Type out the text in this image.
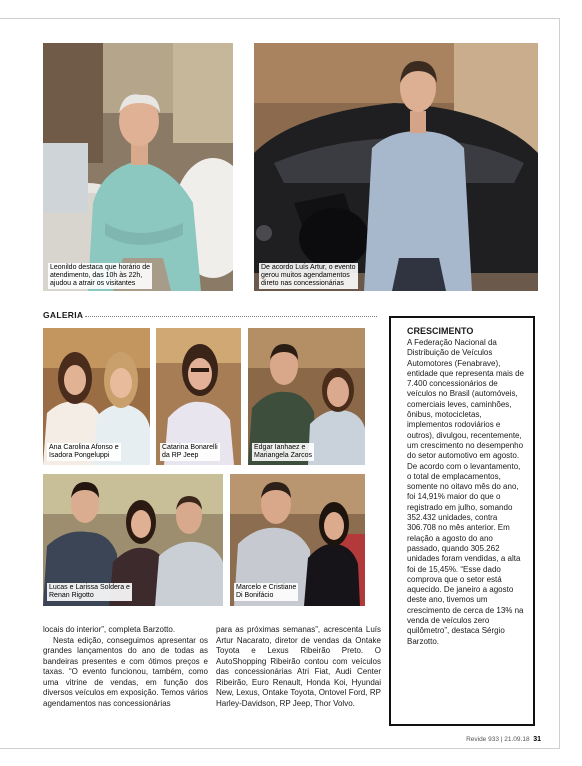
Leonildo destaca que horário de
atendimento, das 10h às 22h,
ajudou a atrair os visitantes
De acordo Luís Artur, o evento
gerou muitos agendamentos
direto nas concessionárias
GALERIA
Ana Carolina Afonso e
Isadora Pongeluppi
Catarina Bonarelli
da RP Jeep
Edgar Ianhaez e
Mariangela Zarcos
Lucas e Larissa Soldera e
Renan Rigotto
Marcelo e Cristiane
Di Bonifácio
CRESCIMENTO

A Federação Nacional da Distribuição de Veículos Automotores (Fenabrave), entidade que representa mais de 7.400 concessionários de veículos no Brasil (automóveis, comerciais leves, caminhões, ônibus, motocicletas, implementos rodoviários e outros), divulgou, recentemente, um crescimento no desempenho do setor automotivo em agosto. De acordo com o levantamento, o total de emplacamentos, somente no oitavo mês do ano, foi 14,91% maior do que o registrado em julho, somando 352.432 unidades, contra 306.708 no mês anterior. Em relação a agosto do ano passado, quando 305.262 unidades foram vendidas, a alta foi de 15,45%. “Esse dado comprova que o setor está aquecido. De janeiro a agosto deste ano, tivemos um crescimento de cerca de 13% na venda de veículos zero quilômetro”, destaca Sérgio Barzotto.

locais do interior”, completa Barzotto.

Nesta edição, conseguimos apresentar os grandes lançamentos do ano de todas as bandeiras presentes e com ótimos preços e taxas. “O evento funcionou, também, como uma vitrine de vendas, em função dos diversos veículos em exposição. Temos vários agendamentos nas concessionárias

para as próximas semanas”, acrescenta Luís Artur Nacarato, diretor de vendas da Ontake Toyota e Lexus Ribeirão Preto. O AutoShopping Ribeirão contou com veículos das concessionárias Atri Fiat, Audi Center Ribeirão, Euro Renault, Honda Koi, Hyundai New, Lexus, Ontake Toyota, Ontovel Ford, RP Harley-Davidson, RP Jeep, Thor Volvo.

Revide 933 | 21.09.18 31
